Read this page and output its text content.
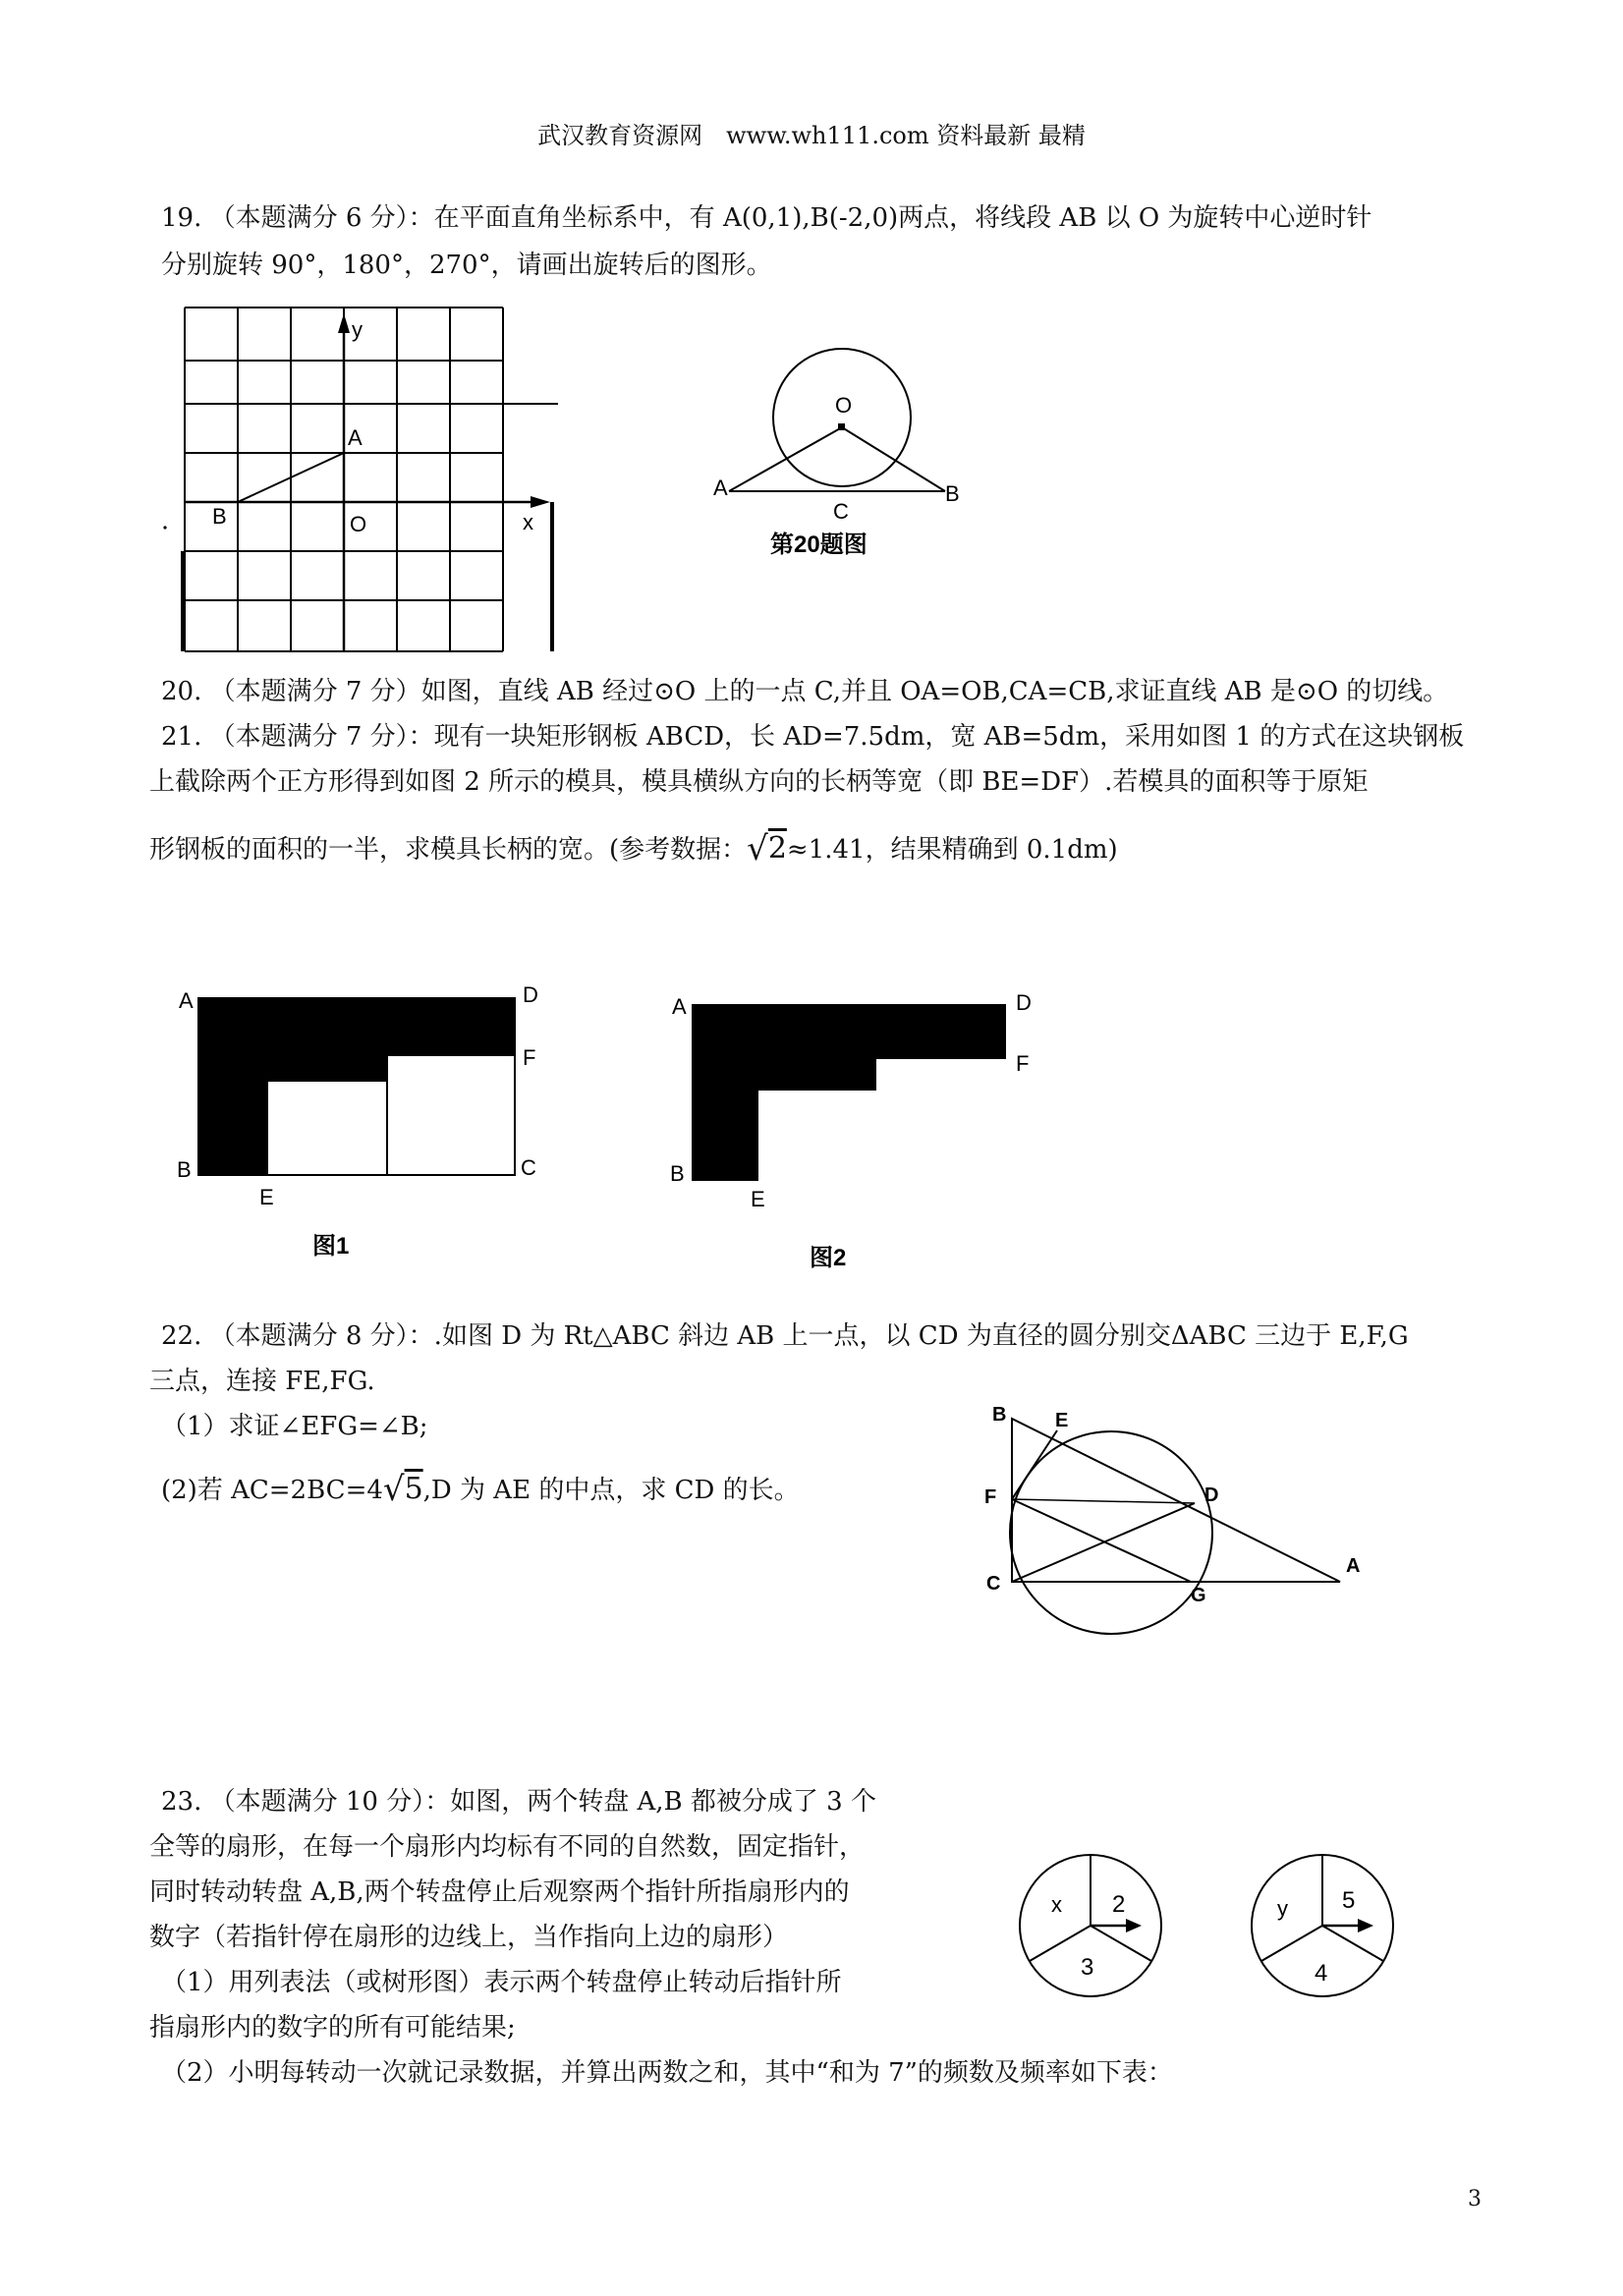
武汉教育资源网　www.wh111.com 资料最新 最精
19. （本题满分 6 分）：在平面直角坐标系中，有 A(0,1),B(-2,0)两点，将线段 AB 以 O 为旋转中心逆时针
分别旋转 90°，180°，270°，请画出旋转后的图形。
y
x
A
B	O
O
A	B
C
第20题图
20. （本题满分 7 分）如图，直线 AB 经过⊙O 上的一点 C,并且 OA=OB,CA=CB,求证直线 AB 是⊙O 的切线。
21. （本题满分 7 分）：现有一块矩形钢板 ABCD，长 AD=7.5dm，宽 AB=5dm，采用如图 1 的方式在这块钢板
上截除两个正方形得到如图 2 所示的模具，模具横纵方向的长柄等宽（即 BE=DF）.若模具的面积等于原矩
形钢板的面积的一半，求模具长柄的宽。(参考数据：√2≈1.41，结果精确到 0.1dm)
A	D
F
B
E
C
图1
A	D
F
B
E
图2
22. （本题满分 8 分）：.如图 D 为 Rt△ABC 斜边 AB 上一点，以 CD 为直径的圆分别交ΔABC 三边于 E,F,G
三点，连接 FE,FG.
（1）求证∠EFG=∠B;
(2)若 AC=2BC=4√5,D 为 AE 的中点，求 CD 的长。
B E
F	D
C
G
A
23. （本题满分 10 分）：如图，两个转盘 A,B 都被分成了 3 个
全等的扇形，在每一个扇形内均标有不同的自然数，固定指针，
同时转动转盘 A,B,两个转盘停止后观察两个指针所指扇形内的
数字（若指针停在扇形的边线上，当作指向上边的扇形）
（1）用列表法（或树形图）表示两个转盘停止转动后指针所
指扇形内的数字的所有可能结果;
（2）小明每转动一次就记录数据，并算出两数之和，其中“和为 7”的频数及频率如下表：
x 2
3
y 5
4
3
